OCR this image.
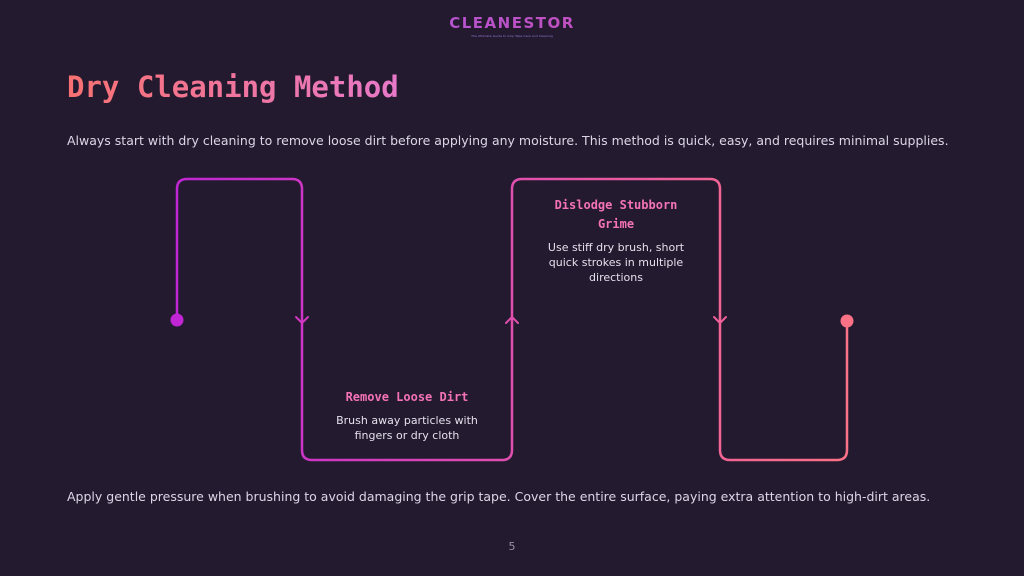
CLEANESTOR
The Ultimate Guide to Grip Tape Care and Cleaning
Dry Cleaning Method
Always start with dry cleaning to remove loose dirt before applying any moisture. This method is quick, easy, and requires minimal supplies.
Remove Loose Dirt
Brush away particles with fingers or dry cloth
Dislodge Stubborn Grime
Use stiff dry brush, short quick strokes in multiple directions
Apply gentle pressure when brushing to avoid damaging the grip tape. Cover the entire surface, paying extra attention to high-dirt areas.
5
